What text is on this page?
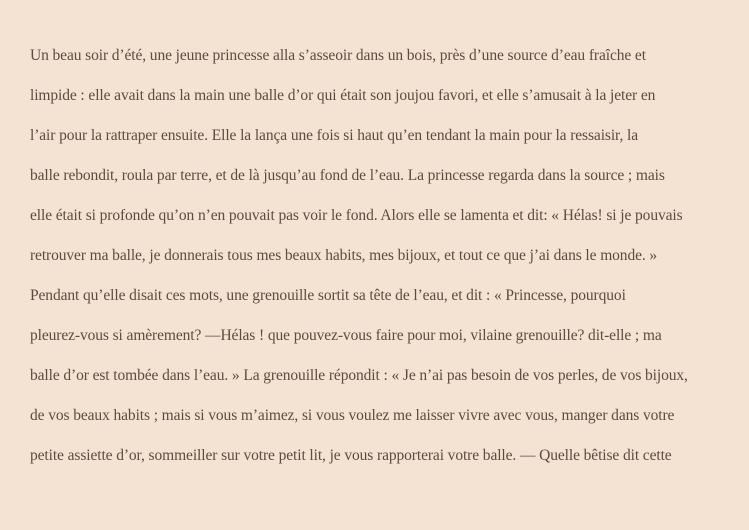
Un beau soir d’été, une jeune princesse alla s’asseoir dans un bois, près d’une source d’eau fraîche et
limpide : elle avait dans la main une balle d’or qui était son joujou favori, et elle s’amusait à la jeter en
l’air pour la rattraper ensuite. Elle la lança une fois si haut qu’en tendant la main pour la ressaisir, la
balle rebondit, roula par terre, et de là jusqu’au fond de l’eau. La princesse regarda dans la source ; mais
elle était si profonde qu’on n’en pouvait pas voir le fond. Alors elle se lamenta et dit: « Hélas! si je pouvais
retrouver ma balle, je donnerais tous mes beaux habits, mes bijoux, et tout ce que j’ai dans le monde. »
Pendant qu’elle disait ces mots, une grenouille sortit sa tête de l’eau, et dit : « Princesse, pourquoi
pleurez-vous si amèrement? —Hélas ! que pouvez-vous faire pour moi, vilaine grenouille? dit-elle ; ma
balle d’or est tombée dans l’eau. » La grenouille répondit : « Je n’ai pas besoin de vos perles, de vos bijoux,
de vos beaux habits ; mais si vous m’aimez, si vous voulez me laisser vivre avec vous, manger dans votre
petite assiette d’or, sommeiller sur votre petit lit, je vous rapporterai votre balle. — Quelle bêtise dit cette
